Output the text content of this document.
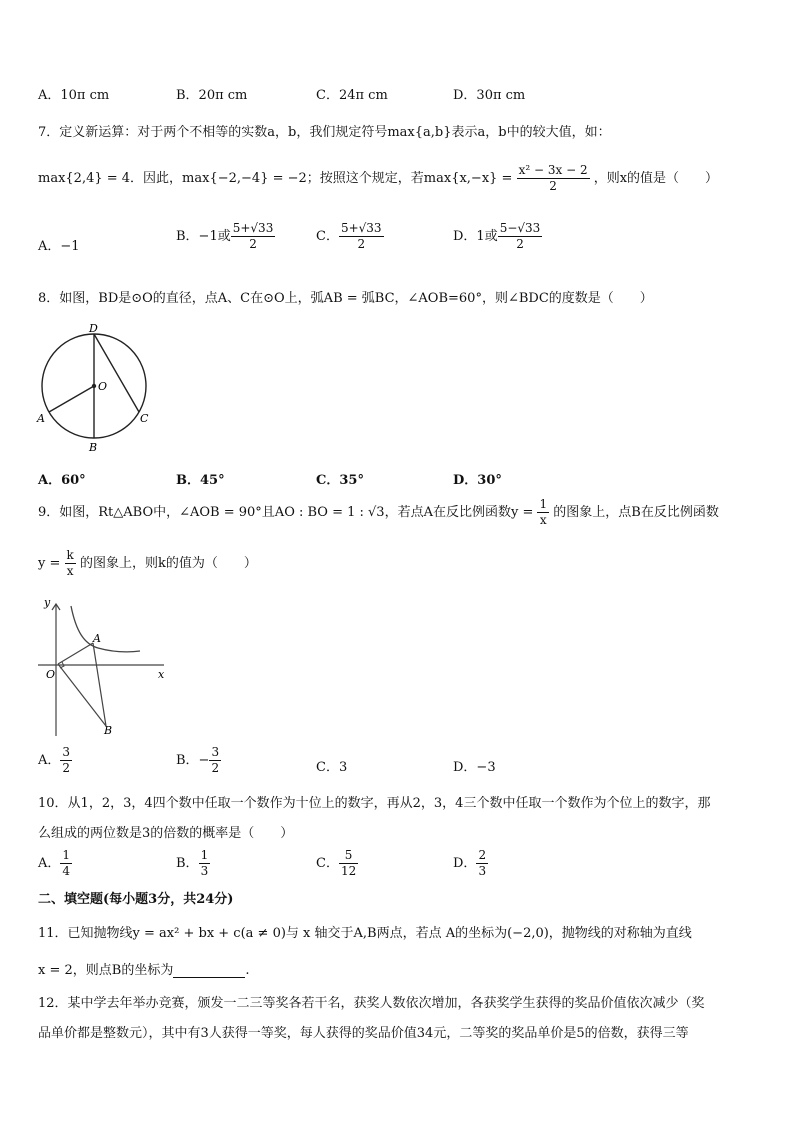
A．10π cm	B．20π cm	C．24π cm	D．30π cm
7．定义新运算：对于两个不相等的实数a，b，我们规定符号max{a,b}表示a，b中的较大值，如：
max{2,4} = 4．因此，max{−2,−4} = −2；按照这个规定，若$\max\{x,-x\} = \frac{\text{x² − 3x − 2}}{2}$ ，则x的值是（　　）
A．−1
B．−1或 $\frac{5+√33}{2}$	C． $\frac{5+√33}{2}$	D．1或 $\frac{5-√33}{2}$
8．如图，BD是⊙O的直径，点A、C在⊙O上，弧AB = 弧BC，∠AOB=60°，则∠BDC的度数是（　　）
D
O
A
B
C
A．60°	B．45°	C．35°	D．30°
9．如图，Rt△ABO中，∠AOB = 90°且AO : BO = 1 : √3，若点A在反比例函数$y = \frac{1}{x}$ 的图象上，点B在反比例函数
$y = \frac{k}{x}$ 的图象上，则k的值为（　　）
y
x
O
A
B
A． $\frac{3}{2}$	B．− $\frac{3}{2}$	C．3	D．−3
10．从1，2，3，4四个数中任取一个数作为十位上的数字，再从2，3，4三个数中任取一个数作为个位上的数字，那
么组成的两位数是3的倍数的概率是（　　）
A． $\frac{1}{4}$	B． $\frac{1}{3}$	C． $\frac{5}{12}$	D． $\frac{2}{3}$
二、填空题(每小题3分，共24分)
11．已知抛物线y = ax² + bx + c(a ≠ 0)与 x 轴交于A,B两点，若点 A的坐标为(−2,0)，抛物线的对称轴为直线
x = 2，则点B的坐标为	.
12．某中学去年举办竞赛，颁发一二三等奖各若干名，获奖人数依次增加，各获奖学生获得的奖品价值依次减少（奖
品单价都是整数元），其中有3人获得一等奖，每人获得的奖品价值34元，二等奖的奖品单价是5的倍数，获得三等
